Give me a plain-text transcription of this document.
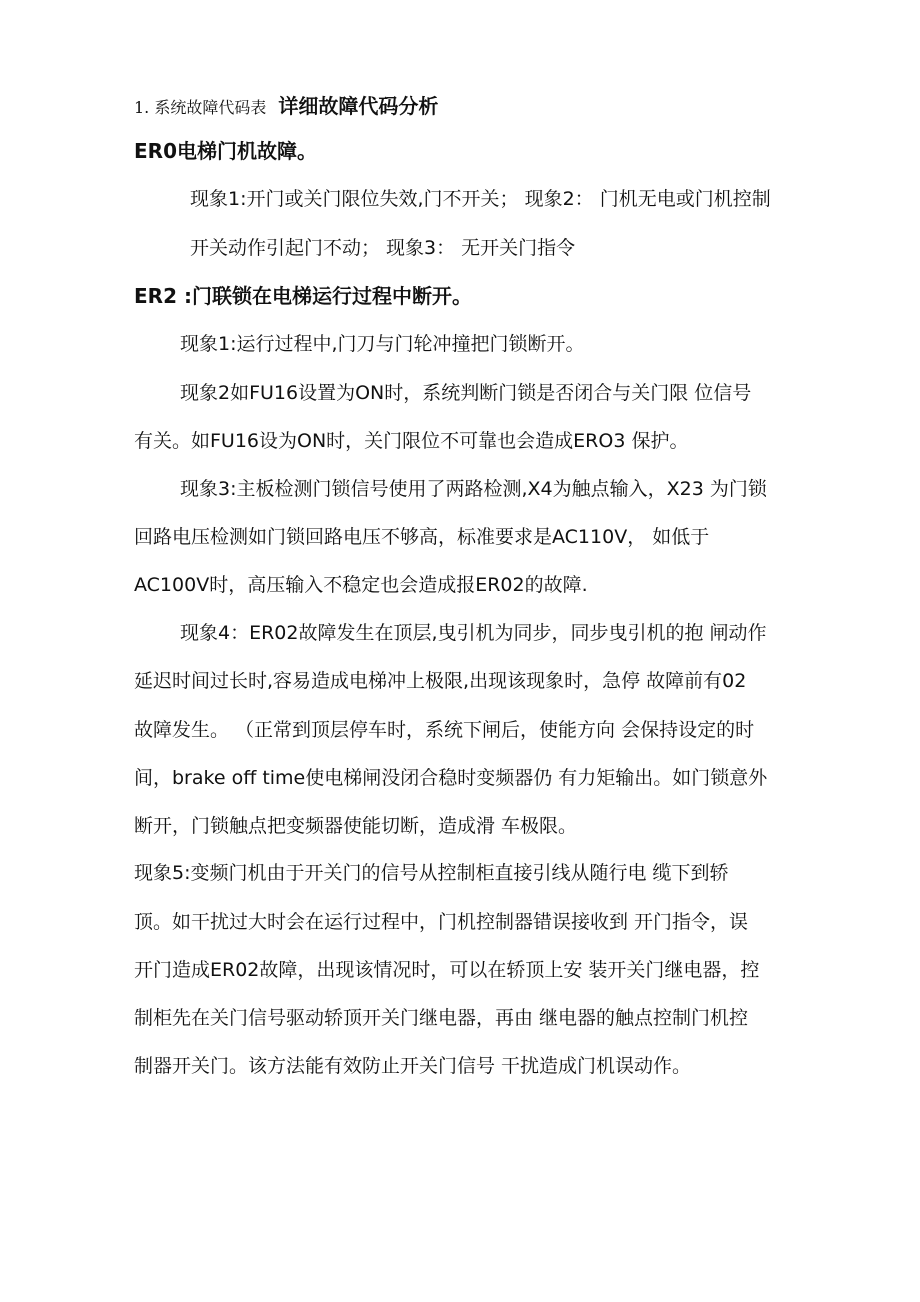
1. 系统故障代码表 详细故障代码分析
ER0电梯门机故障。
现象1:开门或关门限位失效,门不开关； 现象2： 门机无电或门机控制
开关动作引起门不动； 现象3： 无开关门指令
ER2 :门联锁在电梯运行过程中断开。
现象1:运行过程中,门刀与门轮冲撞把门锁断开。
现象2如FU16设置为ON时，系统判断门锁是否闭合与关门限 位信号
有关。如FU16设为ON时，关门限位不可靠也会造成ERO3 保护。
现象3:主板检测门锁信号使用了两路检测,X4为触点输入，X23 为门锁
回路电压检测如门锁回路电压不够高，标准要求是AC110V， 如低于
AC100V时，高压输入不稳定也会造成报ER02的故障.
现象4：ER02故障发生在顶层,曳引机为同步，同步曳引机的抱 闸动作
延迟时间过长时,容易造成电梯冲上极限,出现该现象时，急停 故障前有02
故障发生。 （正常到顶层停车时，系统下闸后，使能方向 会保持设定的时
间，brake off time使电梯闸没闭合稳时变频器仍 有力矩输出。如门锁意外
断开，门锁触点把变频器使能切断，造成滑 车极限。
现象5:变频门机由于开关门的信号从控制柜直接引线从随行电 缆下到轿
顶。如干扰过大时会在运行过程中，门机控制器错误接收到 开门指令，误
开门造成ER02故障，出现该情况时，可以在轿顶上安 装开关门继电器，控
制柜先在关门信号驱动轿顶开关门继电器，再由 继电器的触点控制门机控
制器开关门。该方法能有效防止开关门信号 干扰造成门机误动作。
